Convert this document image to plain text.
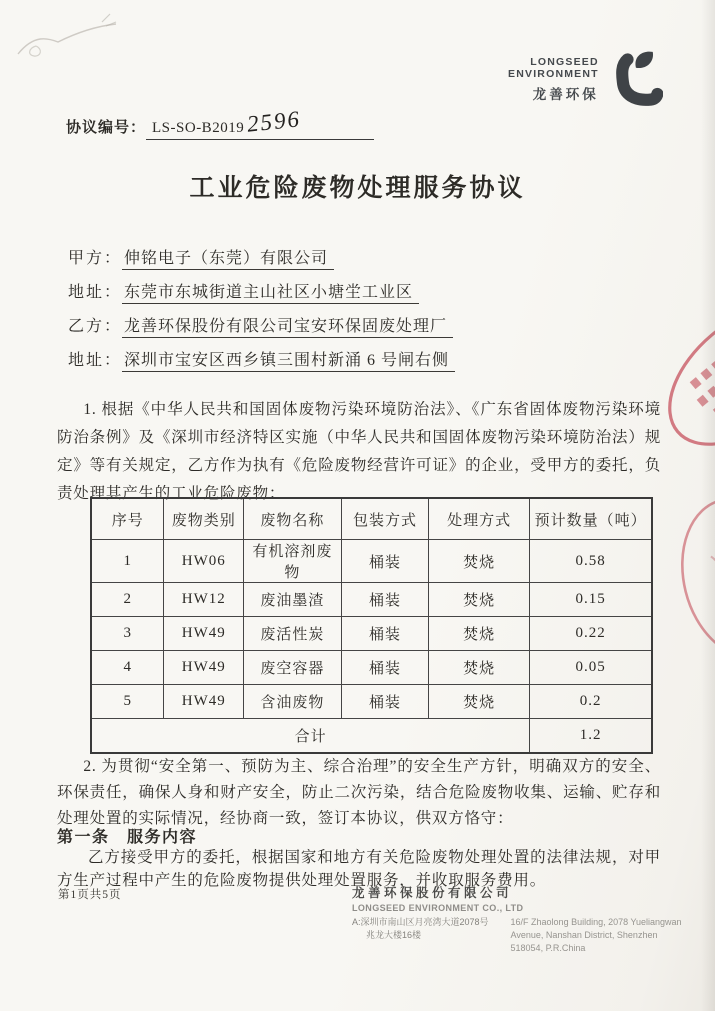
LONGSEED
ENVIRONMENT
龙善环保
协议编号： LS-SO-B20192596
工业危险废物处理服务协议
甲方： 伸铭电子（东莞）有限公司
地址： 东莞市东城街道主山社区小塘坣工业区
乙方： 龙善环保股份有限公司宝安环保固废处理厂
地址： 深圳市宝安区西乡镇三围村新涌 6 号闸右侧
1. 根据《中华人民共和国固体废物污染环境防治法》、《广东省固体废物污染环境防治条例》及《深圳市经济特区实施（中华人民共和国固体废物污染环境防治法）规定》等有关规定，乙方作为执有《危险废物经营许可证》的企业，受甲方的委托，负责处理其产生的工业危险废物：
序号	废物类别	废物名称	包装方式	处理方式	预计数量（吨）
1	HW06	有机溶剂废物	桶装	焚烧	0.58
2	HW12	废油墨渣	桶装	焚烧	0.15
3	HW49	废活性炭	桶装	焚烧	0.22
4	HW49	废空容器	桶装	焚烧	0.05
5	HW49	含油废物	桶装	焚烧	0.2
合计					1.2
2. 为贯彻“安全第一、预防为主、综合治理”的安全生产方针，明确双方的安全、环保责任，确保人身和财产安全，防止二次污染，结合危险废物收集、运输、贮存和处理处置的实际情况，经协商一致，签订本协议，供双方恪守：
第一条　服务内容
乙方接受甲方的委托，根据国家和地方有关危险废物处理处置的法律法规，对甲方生产过程中产生的危险废物提供处理处置服务，并收取服务费用。
第1页共5页	龙善环保股份有限公司
LONGSEED ENVIRONMENT CO., LTD
A:深圳市南山区月亮湾大道2078号
兆龙大楼16楼
16/F Zhaolong Building, 2078 Yueliangwan
Avenue, Nanshan District, Shenzhen
518054, P.R.China
